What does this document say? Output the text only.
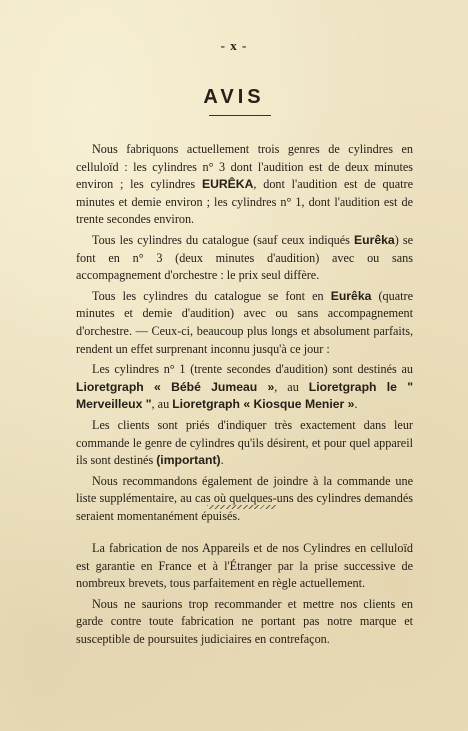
- x -
AVIS

Nous fabriquons actuellement trois genres de cylindres en celluloïd : les cylindres n° 3 dont l'audition est de deux minutes environ ; les cylindres EURÊKA, dont l'audition est de quatre minutes et demie environ ; les cylindres n° 1, dont l'audition est de trente secondes environ.

Tous les cylindres du catalogue (sauf ceux indiqués Eurêka) se font en n° 3 (deux minutes d'audition) avec ou sans accompagnement d'orchestre : le prix seul diffère.

Tous les cylindres du catalogue se font en Eurêka (quatre minutes et demie d'audition) avec ou sans accompagnement d'orchestre. — Ceux-ci, beaucoup plus longs et absolument parfaits, rendent un effet surprenant inconnu jusqu'à ce jour :

Les cylindres n° 1 (trente secondes d'audition) sont destinés au Lioretgraph « Bébé Jumeau », au Lioretgraph le " Merveilleux ", au Lioretgraph « Kiosque Menier ».

Les clients sont priés d'indiquer très exactement dans leur commande le genre de cylindres qu'ils désirent, et pour quel appareil ils sont destinés (important).

Nous recommandons également de joindre à la commande une liste supplémentaire, au cas où quelques-uns des cylindres demandés seraient momentanément épuisés.

La fabrication de nos Appareils et de nos Cylindres en celluloïd est garantie en France et à l'Étranger par la prise successive de nombreux brevets, tous parfaitement en règle actuellement.

Nous ne saurions trop recommander et mettre nos clients en garde contre toute fabrication ne portant pas notre marque et susceptible de poursuites judiciaires en contrefaçon.
